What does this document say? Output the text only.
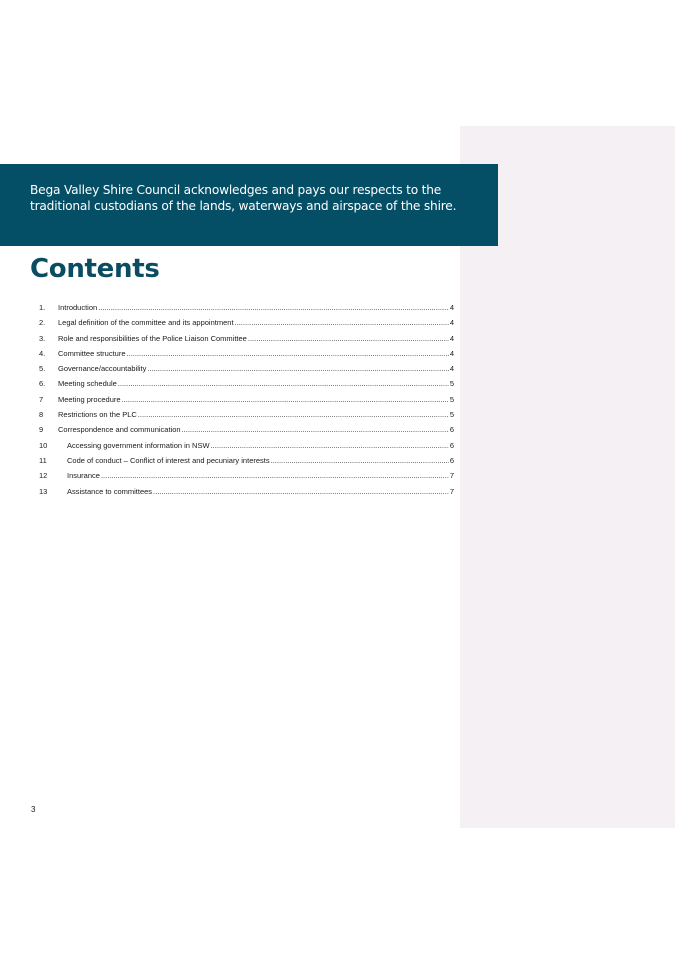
Bega Valley Shire Council acknowledges and pays our respects to the
traditional custodians of the lands, waterways and airspace of the shire.
Contents
1. Introduction .....	4
2. Legal definition of the committee and its appointment .....	4
3. Role and responsibilities of the Police Liaison Committee .....	4
4. Committee structure .....	4
5. Governance/accountability .....	4
6. Meeting schedule .....	5
7 Meeting procedure .....	5
8 Restrictions on the PLC .....	5
9 Correspondence and communication .....	6
10	Accessing government information in NSW .....	6
11	Code of conduct – Conflict of interest and pecuniary interests .....	6
12	Insurance .....	7
13	Assistance to committees .....	7
3
